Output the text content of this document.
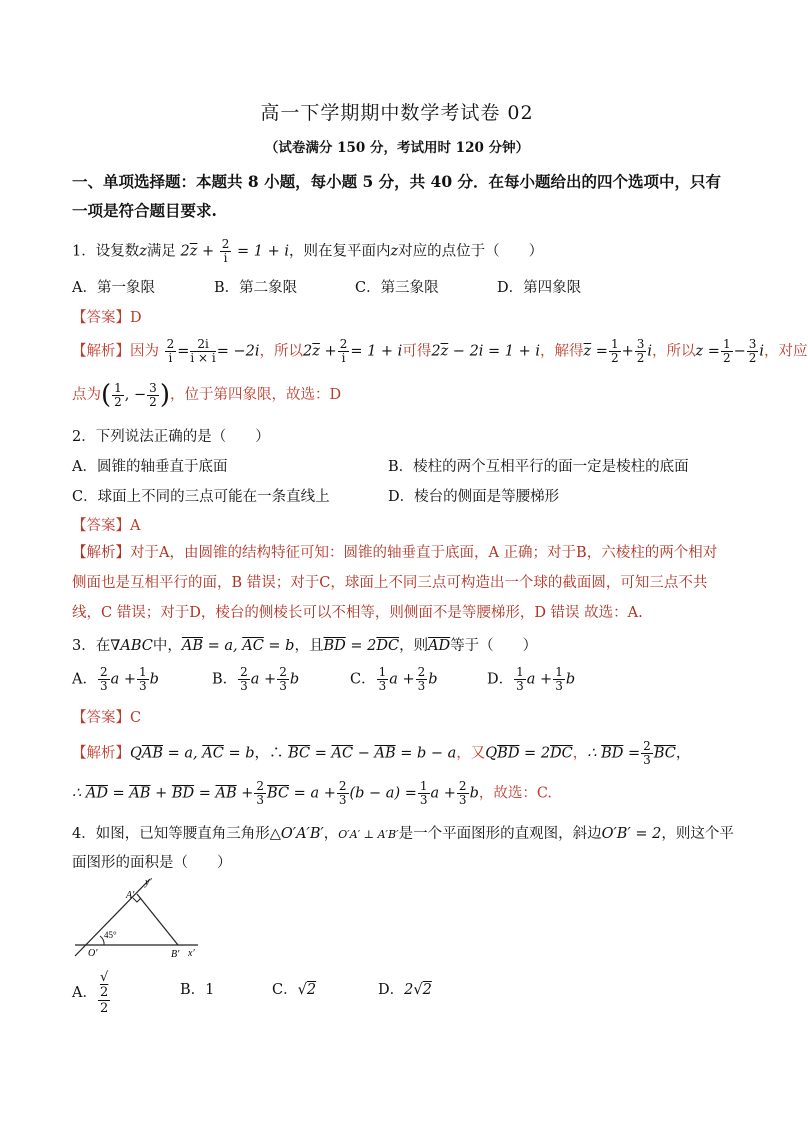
高一下学期期中数学考试卷 02
（试卷满分 150 分，考试用时 120 分钟）
一、单项选择题：本题共 8 小题，每小题 5 分，共 40 分．在每小题给出的四个选项中，只有
一项是符合题目要求.
1．设复数z满足 $2\overline{z} + \frac{2}{i} = 1 + i$，则在复平面内z对应的点位于（　　）
A．第一象限	B．第二象限	C．第三象限	D．第四象限
【答案】D
【解析】因为 $\frac{2}{i} = \frac{2i}{i \times i} = -2i$，所以$2\overline{z} + \frac{2}{i} = 1 + i$可得$2\overline{z} - 2i = 1 + i$，解得$\overline{z} = \frac{1}{2} + \frac{3}{2}$ i，所以$z = \frac{1}{2} - \frac{3}{2}$ i，对应
点为( $\frac{1}{2}$ , − $\frac{3}{2}$ )，位于第四象限，故选：D
2．下列说法正确的是（　　）
A．圆锥的轴垂直于底面	B．棱柱的两个互相平行的面一定是棱柱的底面
C．球面上不同的三点可能在一条直线上	D．棱台的侧面是等腰梯形
【答案】A
【解析】对于A，由圆锥的结构特征可知：圆锥的轴垂直于底面，A 正确；对于B，六棱柱的两个相对侧面也是互相平行的面，B 错误；对于C，球面上不同三点可构造出一个球的截面圆，可知三点不共线，C 错误；对于D，棱台的侧棱长可以不相等，则侧面不是等腰梯形，D 错误 故选：A.
3．在∇ABC中，$\overline{AB} = a$, $\overline{AC} = b$，且$\overline{BD} = 2\overline{DC}$，则$\overline{AD}$等于（　　）
A． $\frac{2}{3}$ $a + \frac{1}{3}$ b	B． $\frac{2}{3}$ $a + \frac{2}{3}$ b	C． $\frac{1}{3}$ $a + \frac{2}{3}$ b	D． $\frac{1}{3}$ $a + \frac{1}{3}$ b
【答案】C
【解析】$Q\overline{AB} = a$, $\overline{AC} = b$，∴ $\overline{BC} = \overline{AC} - \overline{AB} = b - a$，又$Q\overline{BD} = 2\overline{DC}$，∴ $\overline{BD} = \frac{2}{3} \overline{BC}$，
∴ $\overline{AD} = \overline{AB} + \overline{BD} = \overline{AB} + \frac{2}{3} \overline{BC} = a + \frac{2}{3} (b - a) = \frac{1}{3}$ $a + \frac{2}{3}$ b，故选：C.
4．如图，已知等腰直角三角形△O′A′B′，O′A′ ⊥ A′B′是一个平面图形的直观图，斜边O′B′ = 2，则这个平
面图形的面积是（　　）
y′
A′
45°
O′	B′ x′
A． √
2
2	B．1	C．√2	D．2√2
